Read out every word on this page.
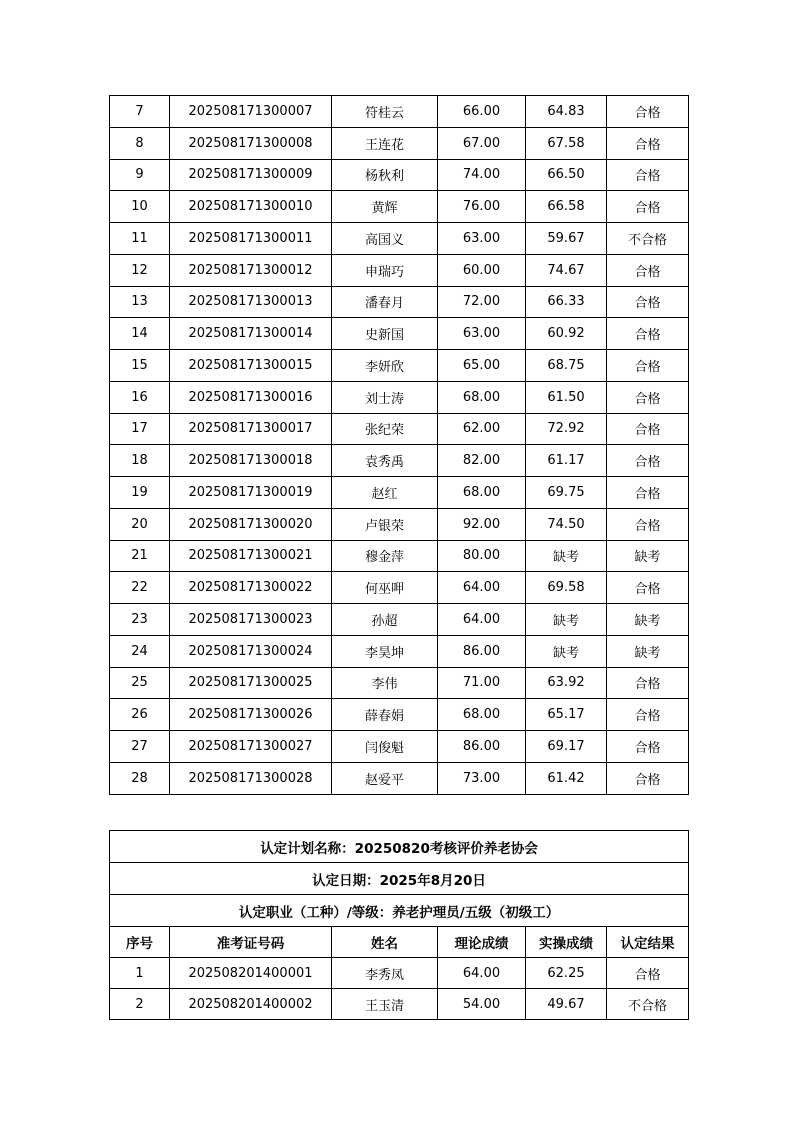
7	202508171300007	符桂云	66.00	64.83	合格
8	202508171300008	王连花	67.00	67.58	合格
9	202508171300009	杨秋利	74.00	66.50	合格
10	202508171300010	黄辉	76.00	66.58	合格
11	202508171300011	高国义	63.00	59.67	不合格
12	202508171300012	申瑞巧	60.00	74.67	合格
13	202508171300013	潘春月	72.00	66.33	合格
14	202508171300014	史新国	63.00	60.92	合格
15	202508171300015	李妍欣	65.00	68.75	合格
16	202508171300016	刘士涛	68.00	61.50	合格
17	202508171300017	张纪荣	62.00	72.92	合格
18	202508171300018	袁秀禹	82.00	61.17	合格
19	202508171300019	赵红	68.00	69.75	合格
20	202508171300020	卢银荣	92.00	74.50	合格
21	202508171300021	穆金萍	80.00	缺考	缺考
22	202508171300022	何巫呷	64.00	69.58	合格
23	202508171300023	孙超	64.00	缺考	缺考
24	202508171300024	李昊坤	86.00	缺考	缺考
25	202508171300025	李伟	71.00	63.92	合格
26	202508171300026	薛春娟	68.00	65.17	合格
27	202508171300027	闫俊魁	86.00	69.17	合格
28	202508171300028	赵爱平	73.00	61.42	合格
认定计划名称：20250820考核评价养老协会					
认定日期：2025年8月20日					
认定职业（工种）/等级：养老护理员/五级（初级工）					
序号	准考证号码	姓名	理论成绩	实操成绩	认定结果
1	202508201400001	李秀凤	64.00	62.25	合格
2	202508201400002	王玉清	54.00	49.67	不合格
